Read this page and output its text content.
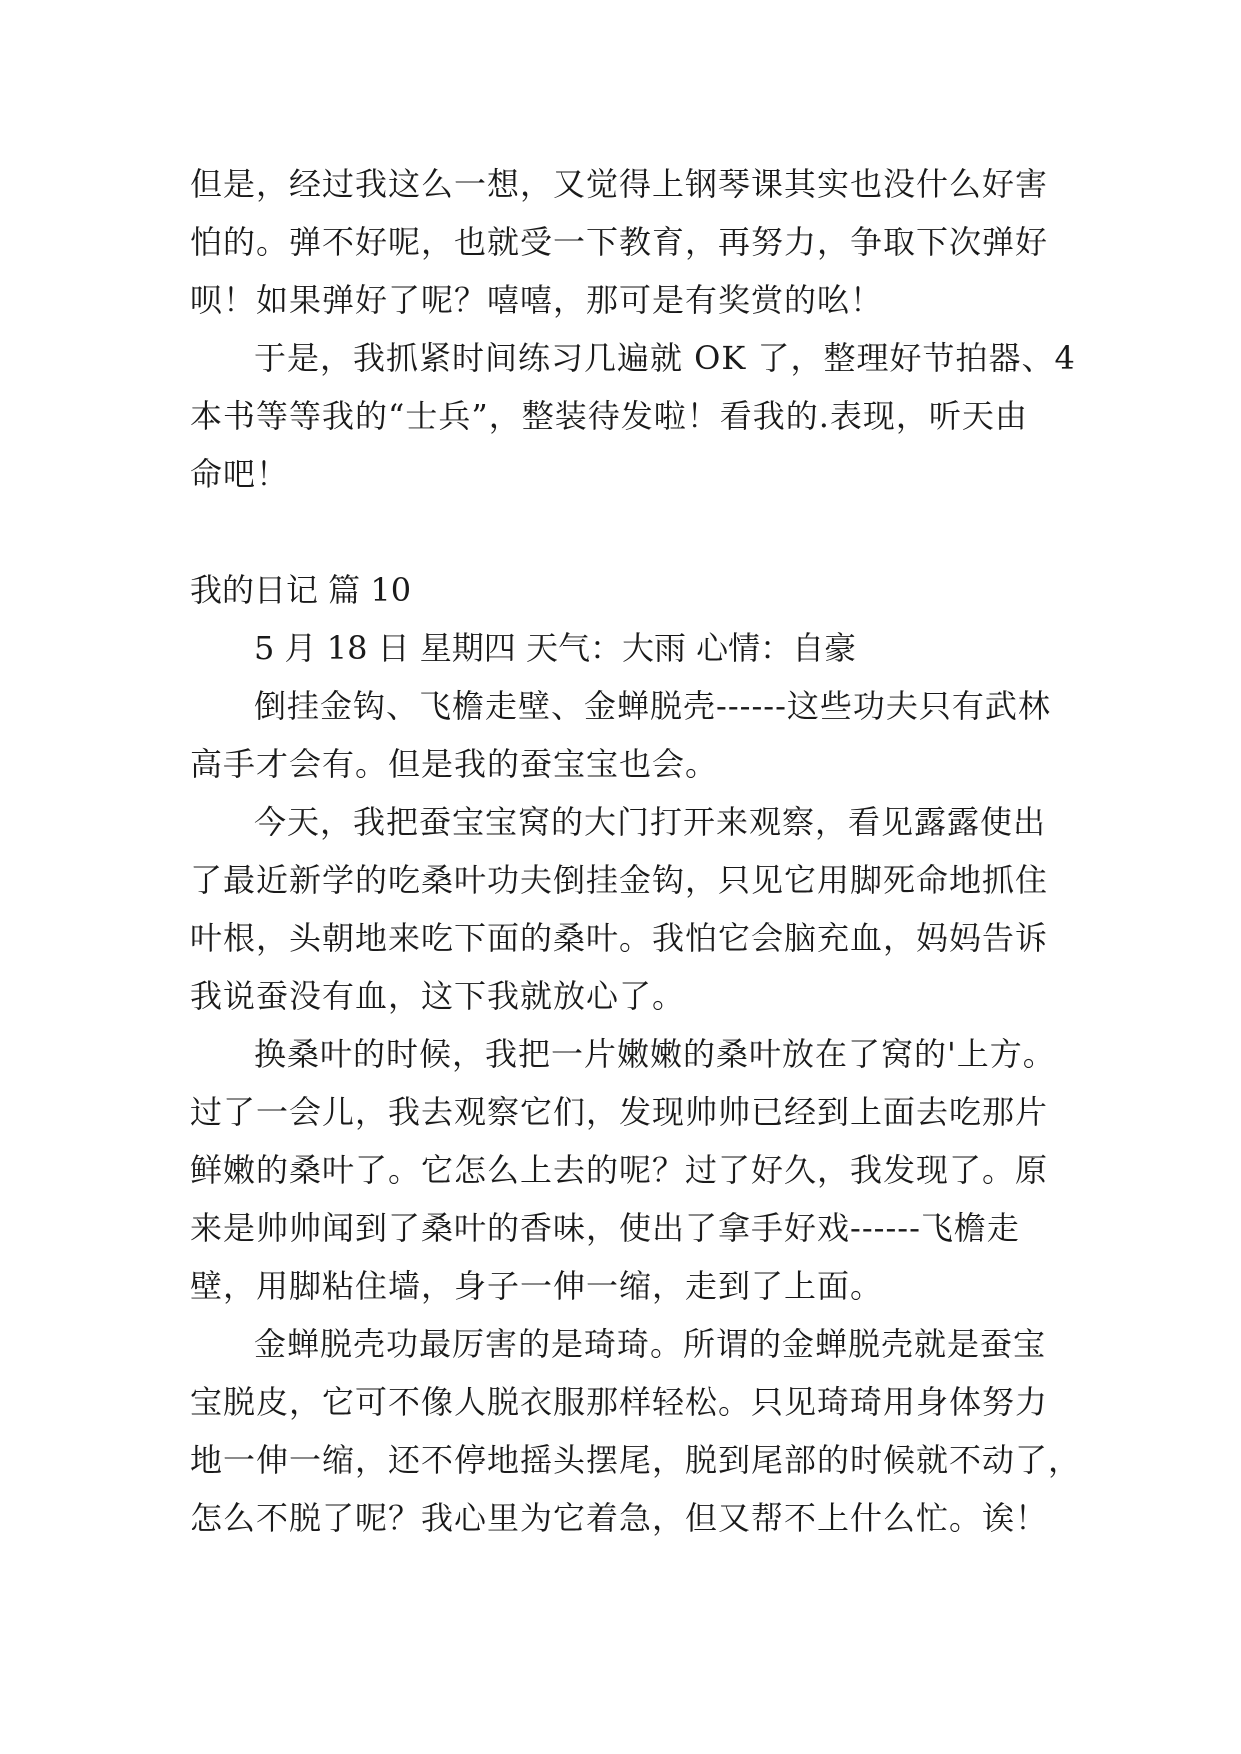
但是，经过我这么一想，又觉得上钢琴课其实也没什么好害
怕的。弹不好呢，也就受一下教育，再努力，争取下次弹好
呗！如果弹好了呢？嘻嘻，那可是有奖赏的吆！
于是，我抓紧时间练习几遍就 OK 了，整理好节拍器、4
本书等等我的“士兵”，整装待发啦！看我的.表现，听天由
命吧！
我的日记 篇 10
5 月 18 日 星期四 天气：大雨 心情：自豪
倒挂金钩、飞檐走壁、金蝉脱壳------这些功夫只有武林
高手才会有。但是我的蚕宝宝也会。
今天，我把蚕宝宝窝的大门打开来观察，看见露露使出
了最近新学的吃桑叶功夫倒挂金钩，只见它用脚死命地抓住
叶根，头朝地来吃下面的桑叶。我怕它会脑充血，妈妈告诉
我说蚕没有血，这下我就放心了。
换桑叶的时候，我把一片嫩嫩的桑叶放在了窝的'上方。
过了一会儿，我去观察它们，发现帅帅已经到上面去吃那片
鲜嫩的桑叶了。它怎么上去的呢？过了好久，我发现了。原
来是帅帅闻到了桑叶的香味，使出了拿手好戏------飞檐走
壁，用脚粘住墙，身子一伸一缩，走到了上面。
金蝉脱壳功最厉害的是琦琦。所谓的金蝉脱壳就是蚕宝
宝脱皮，它可不像人脱衣服那样轻松。只见琦琦用身体努力
地一伸一缩，还不停地摇头摆尾，脱到尾部的时候就不动了，
怎么不脱了呢？我心里为它着急，但又帮不上什么忙。诶！
